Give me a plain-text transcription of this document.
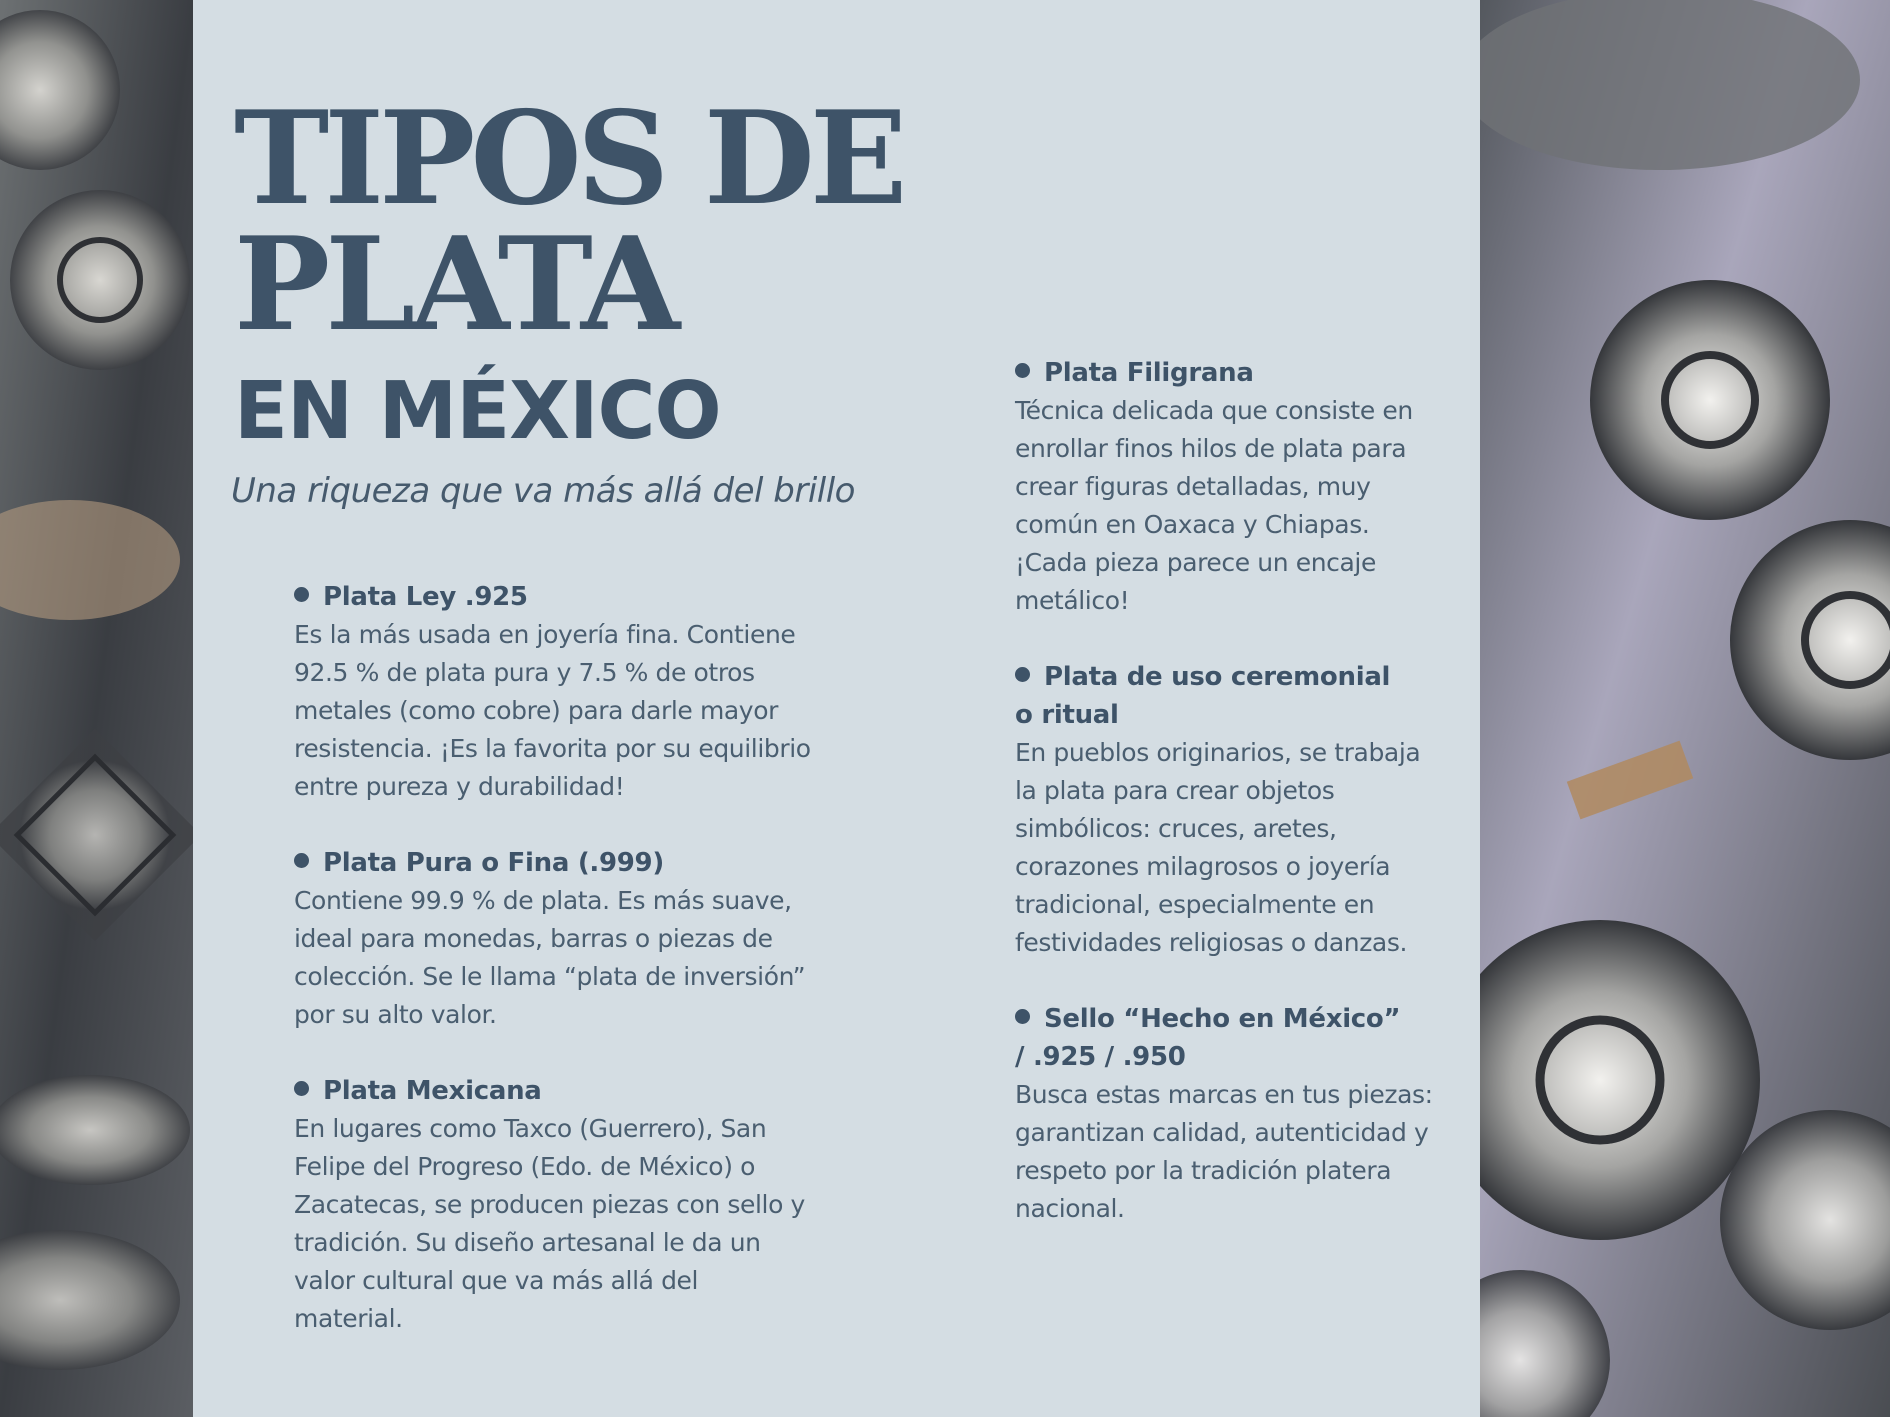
TIPOS DE
PLATA
EN MÉXICO

Una riqueza que va más allá del brillo

Plata Ley .925
Es la más usada en joyería fina. Contiene
92.5 % de plata pura y 7.5 % de otros
metales (como cobre) para darle mayor
resistencia. ¡Es la favorita por su equilibrio
entre pureza y durabilidad!
Plata Pura o Fina (.999)
Contiene 99.9 % de plata. Es más suave,
ideal para monedas, barras o piezas de
colección. Se le llama “plata de inversión”
por su alto valor.
Plata Mexicana
En lugares como Taxco (Guerrero), San
Felipe del Progreso (Edo. de México) o
Zacatecas, se producen piezas con sello y
tradición. Su diseño artesanal le da un
valor cultural que va más allá del material.
Plata Filigrana
Técnica delicada que consiste en
enrollar finos hilos de plata para
crear figuras detalladas, muy
común en Oaxaca y Chiapas.
¡Cada pieza parece un encaje
metálico!
Plata de uso ceremonial
o ritual
En pueblos originarios, se trabaja
la plata para crear objetos
simbólicos: cruces, aretes,
corazones milagrosos o joyería
tradicional, especialmente en
festividades religiosas o danzas.
Sello “Hecho en México”
/ .925 / .950
Busca estas marcas en tus piezas:
garantizan calidad, autenticidad y
respeto por la tradición platera
nacional.
